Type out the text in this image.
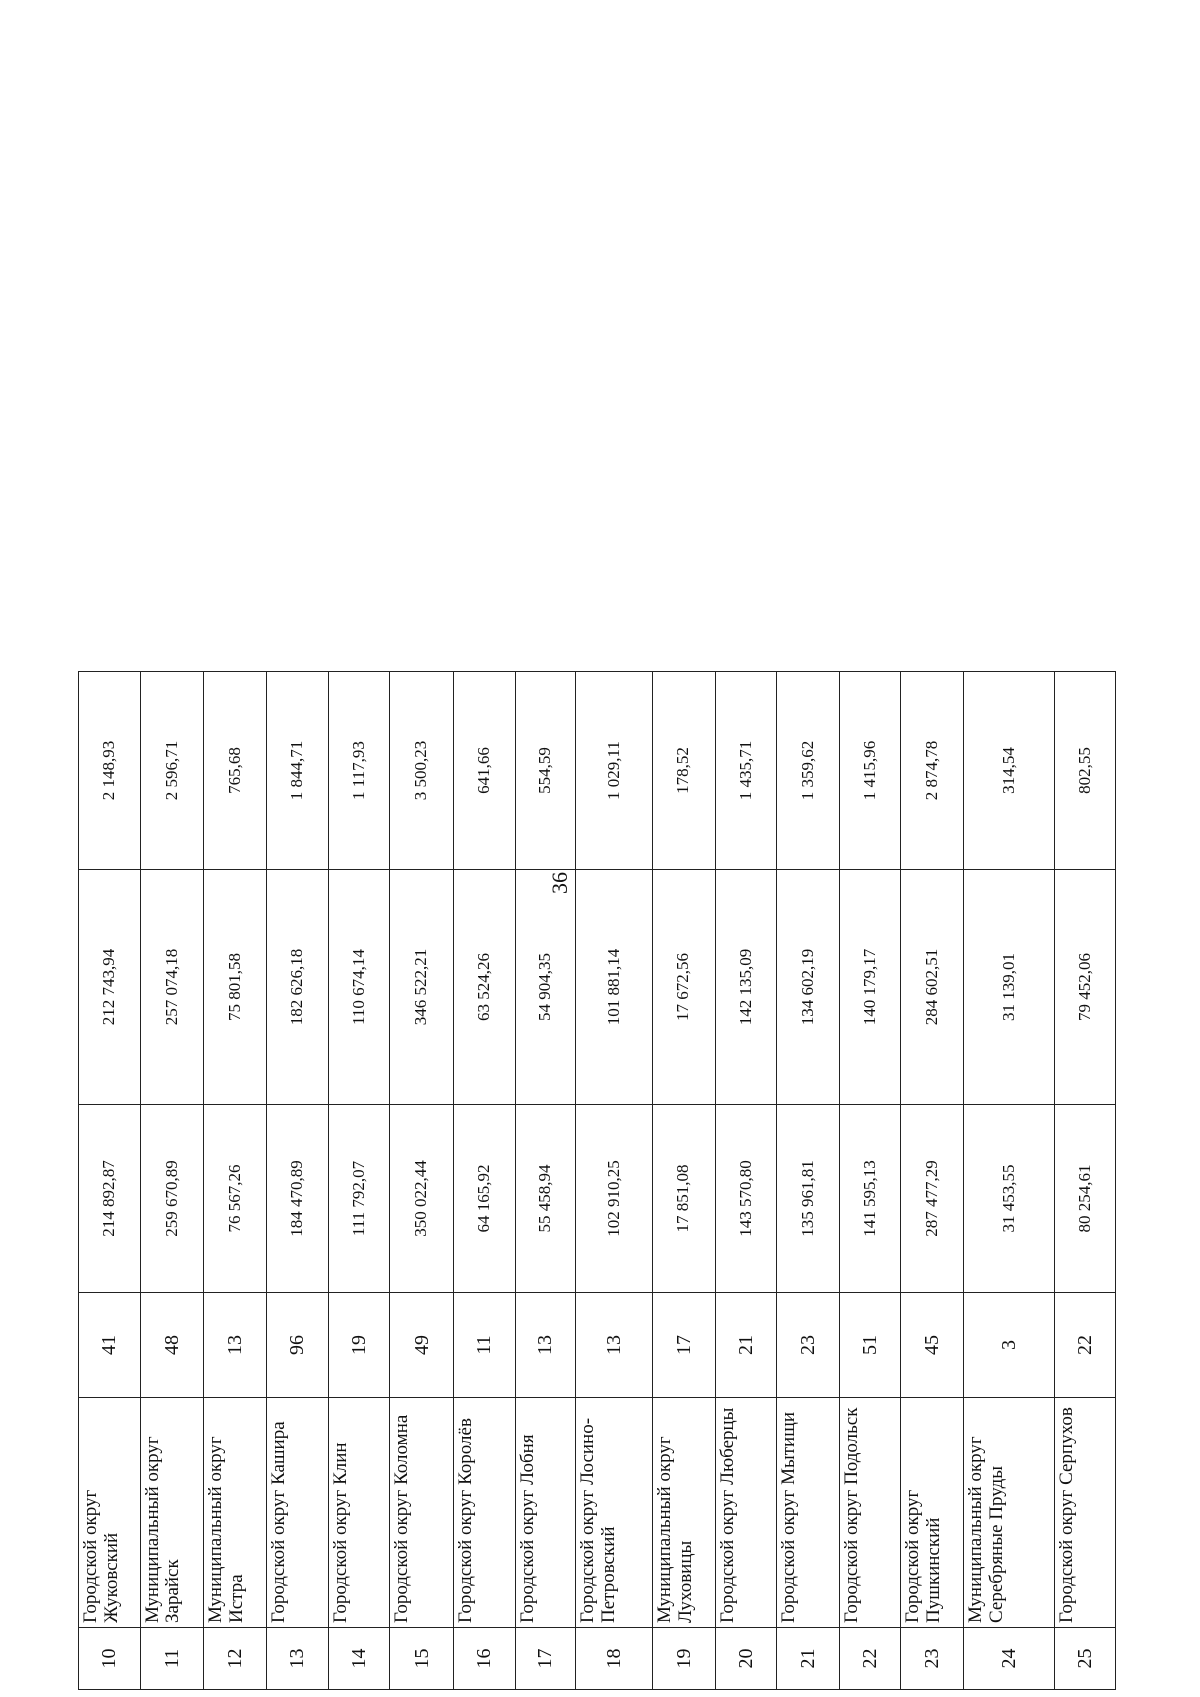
36
10	Городской округ Жуковский	41	214 892,87	212 743,94	2 148,93
11	Муниципальный округ Зарайск	48	259 670,89	257 074,18	2 596,71
12	Муниципальный округ Истра	13	76 567,26	75 801,58	765,68
13	Городской округ Кашира	96	184 470,89	182 626,18	1 844,71
14	Городской округ Клин	19	111 792,07	110 674,14	1 117,93
15	Городской округ Коломна	49	350 022,44	346 522,21	3 500,23
16	Городской округ Королёв	11	64 165,92	63 524,26	641,66
17	Городской округ Лобня	13	55 458,94	54 904,35	554,59
18	Городской округ Лосино-Петровский	13	102 910,25	101 881,14	1 029,11
19	Муниципальный округ Луховицы	17	17 851,08	17 672,56	178,52
20	Городской округ Люберцы	21	143 570,80	142 135,09	1 435,71
21	Городской округ Мытищи	23	135 961,81	134 602,19	1 359,62
22	Городской округ Подольск	51	141 595,13	140 179,17	1 415,96
23	Городской округ Пушкинский	45	287 477,29	284 602,51	2 874,78
24	Муниципальный округ Серебряные Пруды	3	31 453,55	31 139,01	314,54
25	Городской округ Серпухов	22	80 254,61	79 452,06	802,55
